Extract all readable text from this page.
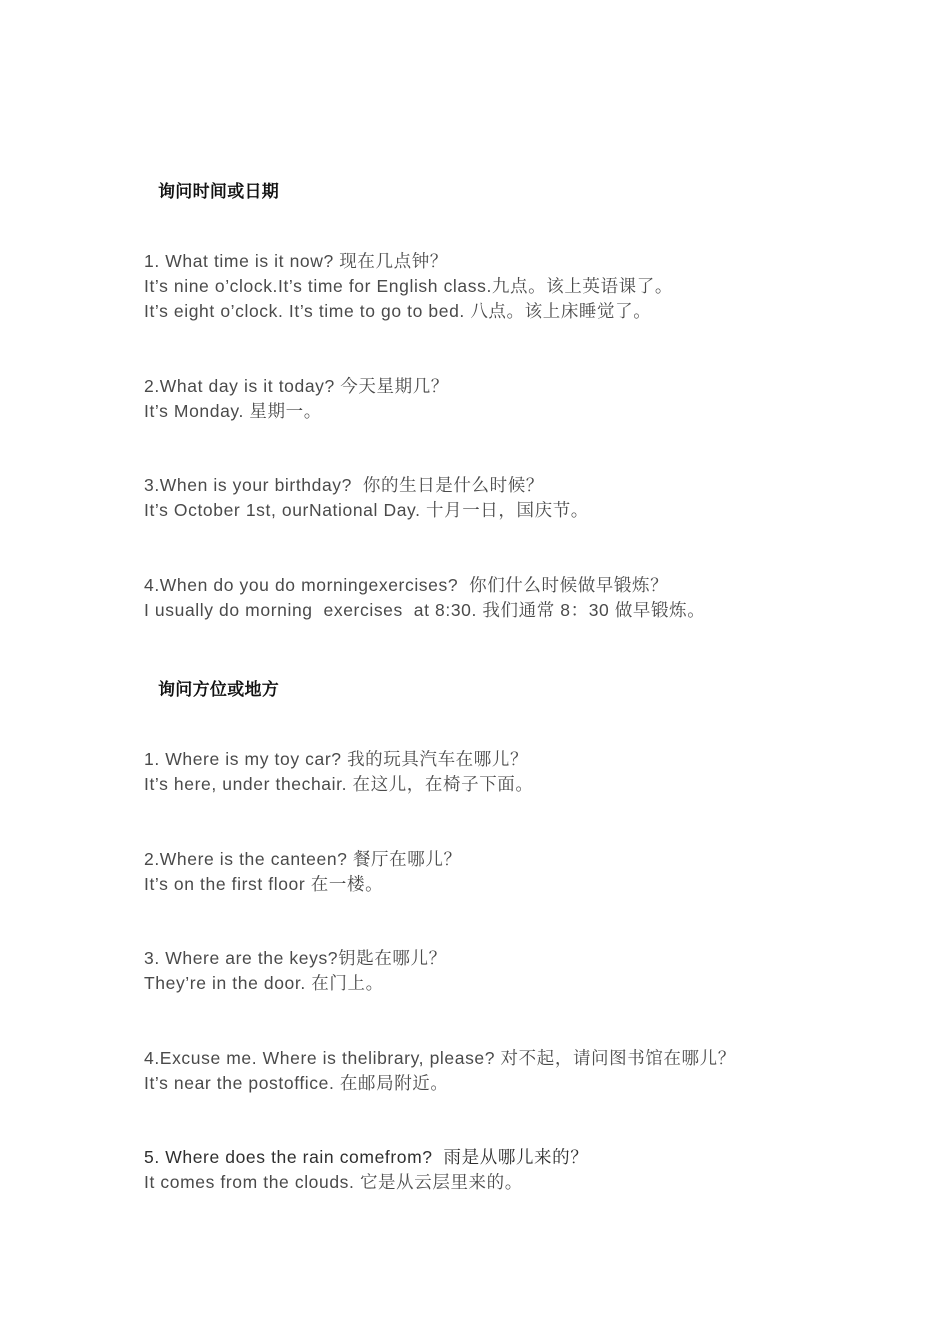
询问时间或日期
1. What time is it now? 现在几点钟？
It’s nine o’clock.It’s time for English class.九点。该上英语课了。
It’s eight o’clock. It’s time to go to bed. 八点。该上床睡觉了。
2.What day is it today? 今天星期几？
It’s Monday. 星期一。
3.When is your birthday?  你的生日是什么时候？
It’s October 1st, ourNational Day. 十月一日，国庆节。
4.When do you do morningexercises?  你们什么时候做早锻炼？
I usually do morning  exercises  at 8:30. 我们通常 8：30 做早锻炼。
询问方位或地方
1. Where is my toy car? 我的玩具汽车在哪儿？
It’s here, under thechair. 在这儿，在椅子下面。
2.Where is the canteen? 餐厅在哪儿？
It’s on the first floor 在一楼。
3. Where are the keys?钥匙在哪儿？
They’re in the door. 在门上。
4.Excuse me. Where is thelibrary, please? 对不起，请问图书馆在哪儿？
It’s near the postoffice. 在邮局附近。
5. Where does the rain comefrom?  雨是从哪儿来的？
It comes from the clouds. 它是从云层里来的。
